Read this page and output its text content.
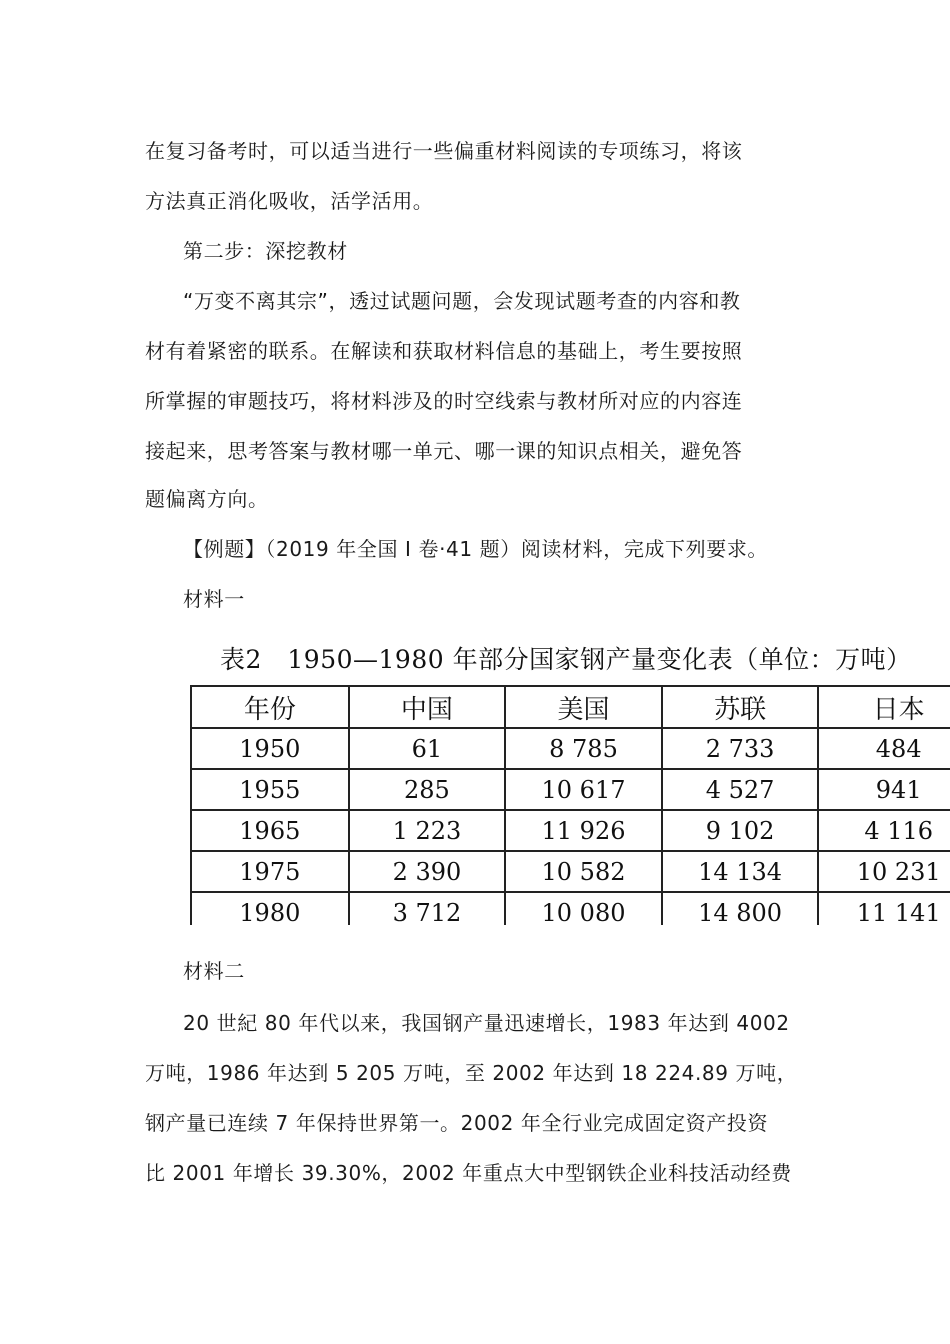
在复习备考时，可以适当进行一些偏重材料阅读的专项练习，将该
方法真正消化吸收，活学活用。
第二步：深挖教材
“万变不离其宗”，透过试题问题，会发现试题考查的内容和教
材有着紧密的联系。在解读和获取材料信息的基础上，考生要按照
所掌握的审题技巧，将材料涉及的时空线索与教材所对应的内容连
接起来，思考答案与教材哪一单元、哪一课的知识点相关，避免答
题偏离方向。
【例题】（2019 年全国 I 卷·41 题）阅读材料，完成下列要求。
材料一
表2　1950—1980 年部分国家钢产量变化表（单位：万吨）
年份	中国	美国	苏联	日本
1950	61	8 785	2 733	484
1955	285	10 617	4 527	941
1965	1 223	11 926	9 102	4 116
1975	2 390	10 582	14 134	10 231
1980	3 712	10 080	14 800	11 141
材料二
20 世紀 80 年代以来，我国钢产量迅速增长，1983 年达到 4002
万吨，1986 年达到 5 205 万吨，至 2002 年达到 18 224.89 万吨，
钢产量已连续 7 年保持世界第一。2002 年全行业完成固定资产投资
比 2001 年增长 39.30%，2002 年重点大中型钢铁企业科技活动经费
